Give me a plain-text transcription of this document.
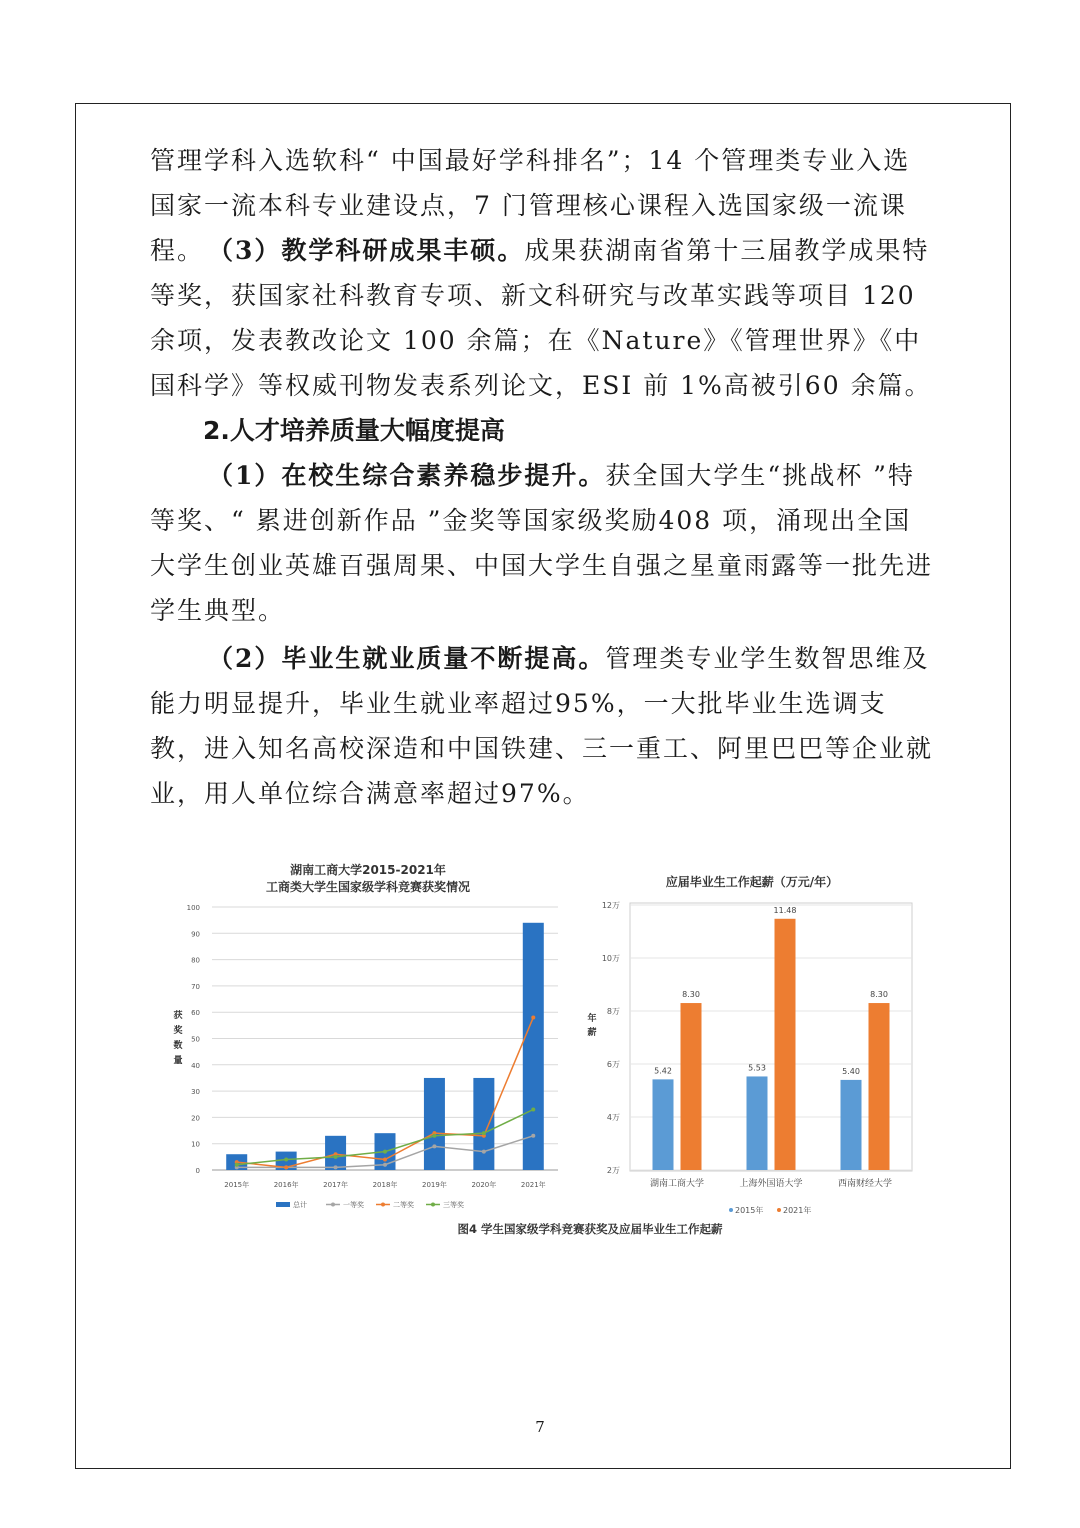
管理学科入选软科“ 中国最好学科排名”；14 个管理类专业入选国家一流本科专业建设点，7 门管理核心课程入选国家级一流课程。 （3）教学科研成果丰硕。成果获湖南省第十三届教学成果特等奖，获国家社科教育专项、新文科研究与改革实践等项目 120 余项，发表教改论文 100 余篇；在《Nature》《管理世界》《中国科学》等权威刊物发表系列论文，ESI 前 1%高被引60 余篇。

2.人才培养质量大幅度提高

（1）在校生综合素养稳步提升。获全国大学生“挑战杯 ”特等奖、“ 累进创新作品 ”金奖等国家级奖励408 项，涌现出全国大学生创业英雄百强周果、中国大学生自强之星童雨露等一批先进学生典型。

（2）毕业生就业质量不断提高。管理类专业学生数智思维及能力明显提升，毕业生就业率超过95%，一大批毕业生选调支教，进入知名高校深造和中国铁建、三一重工、阿里巴巴等企业就业，用人单位综合满意率超过97%。

湖南工商大学2015-2021年
工商类大学生国家级学科竞赛获奖情况
0
10
20
30
40
50
60
70
80
90
100
2015年	2016年	2017年	2018年	2019年	2020年	2021年
获
奖
数
量
总计	一等奖	二等奖	三等奖
应届毕业生工作起薪（万元/年）
2万
4万
6万
8万
10万
12万
5.42	5.53	5.40
8.30
11.48
8.30
湖南工商大学	上海外国语大学	西南财经大学
年
薪
2015年 2021年
图4 学生国家级学科竞赛获奖及应届毕业生工作起薪
7
